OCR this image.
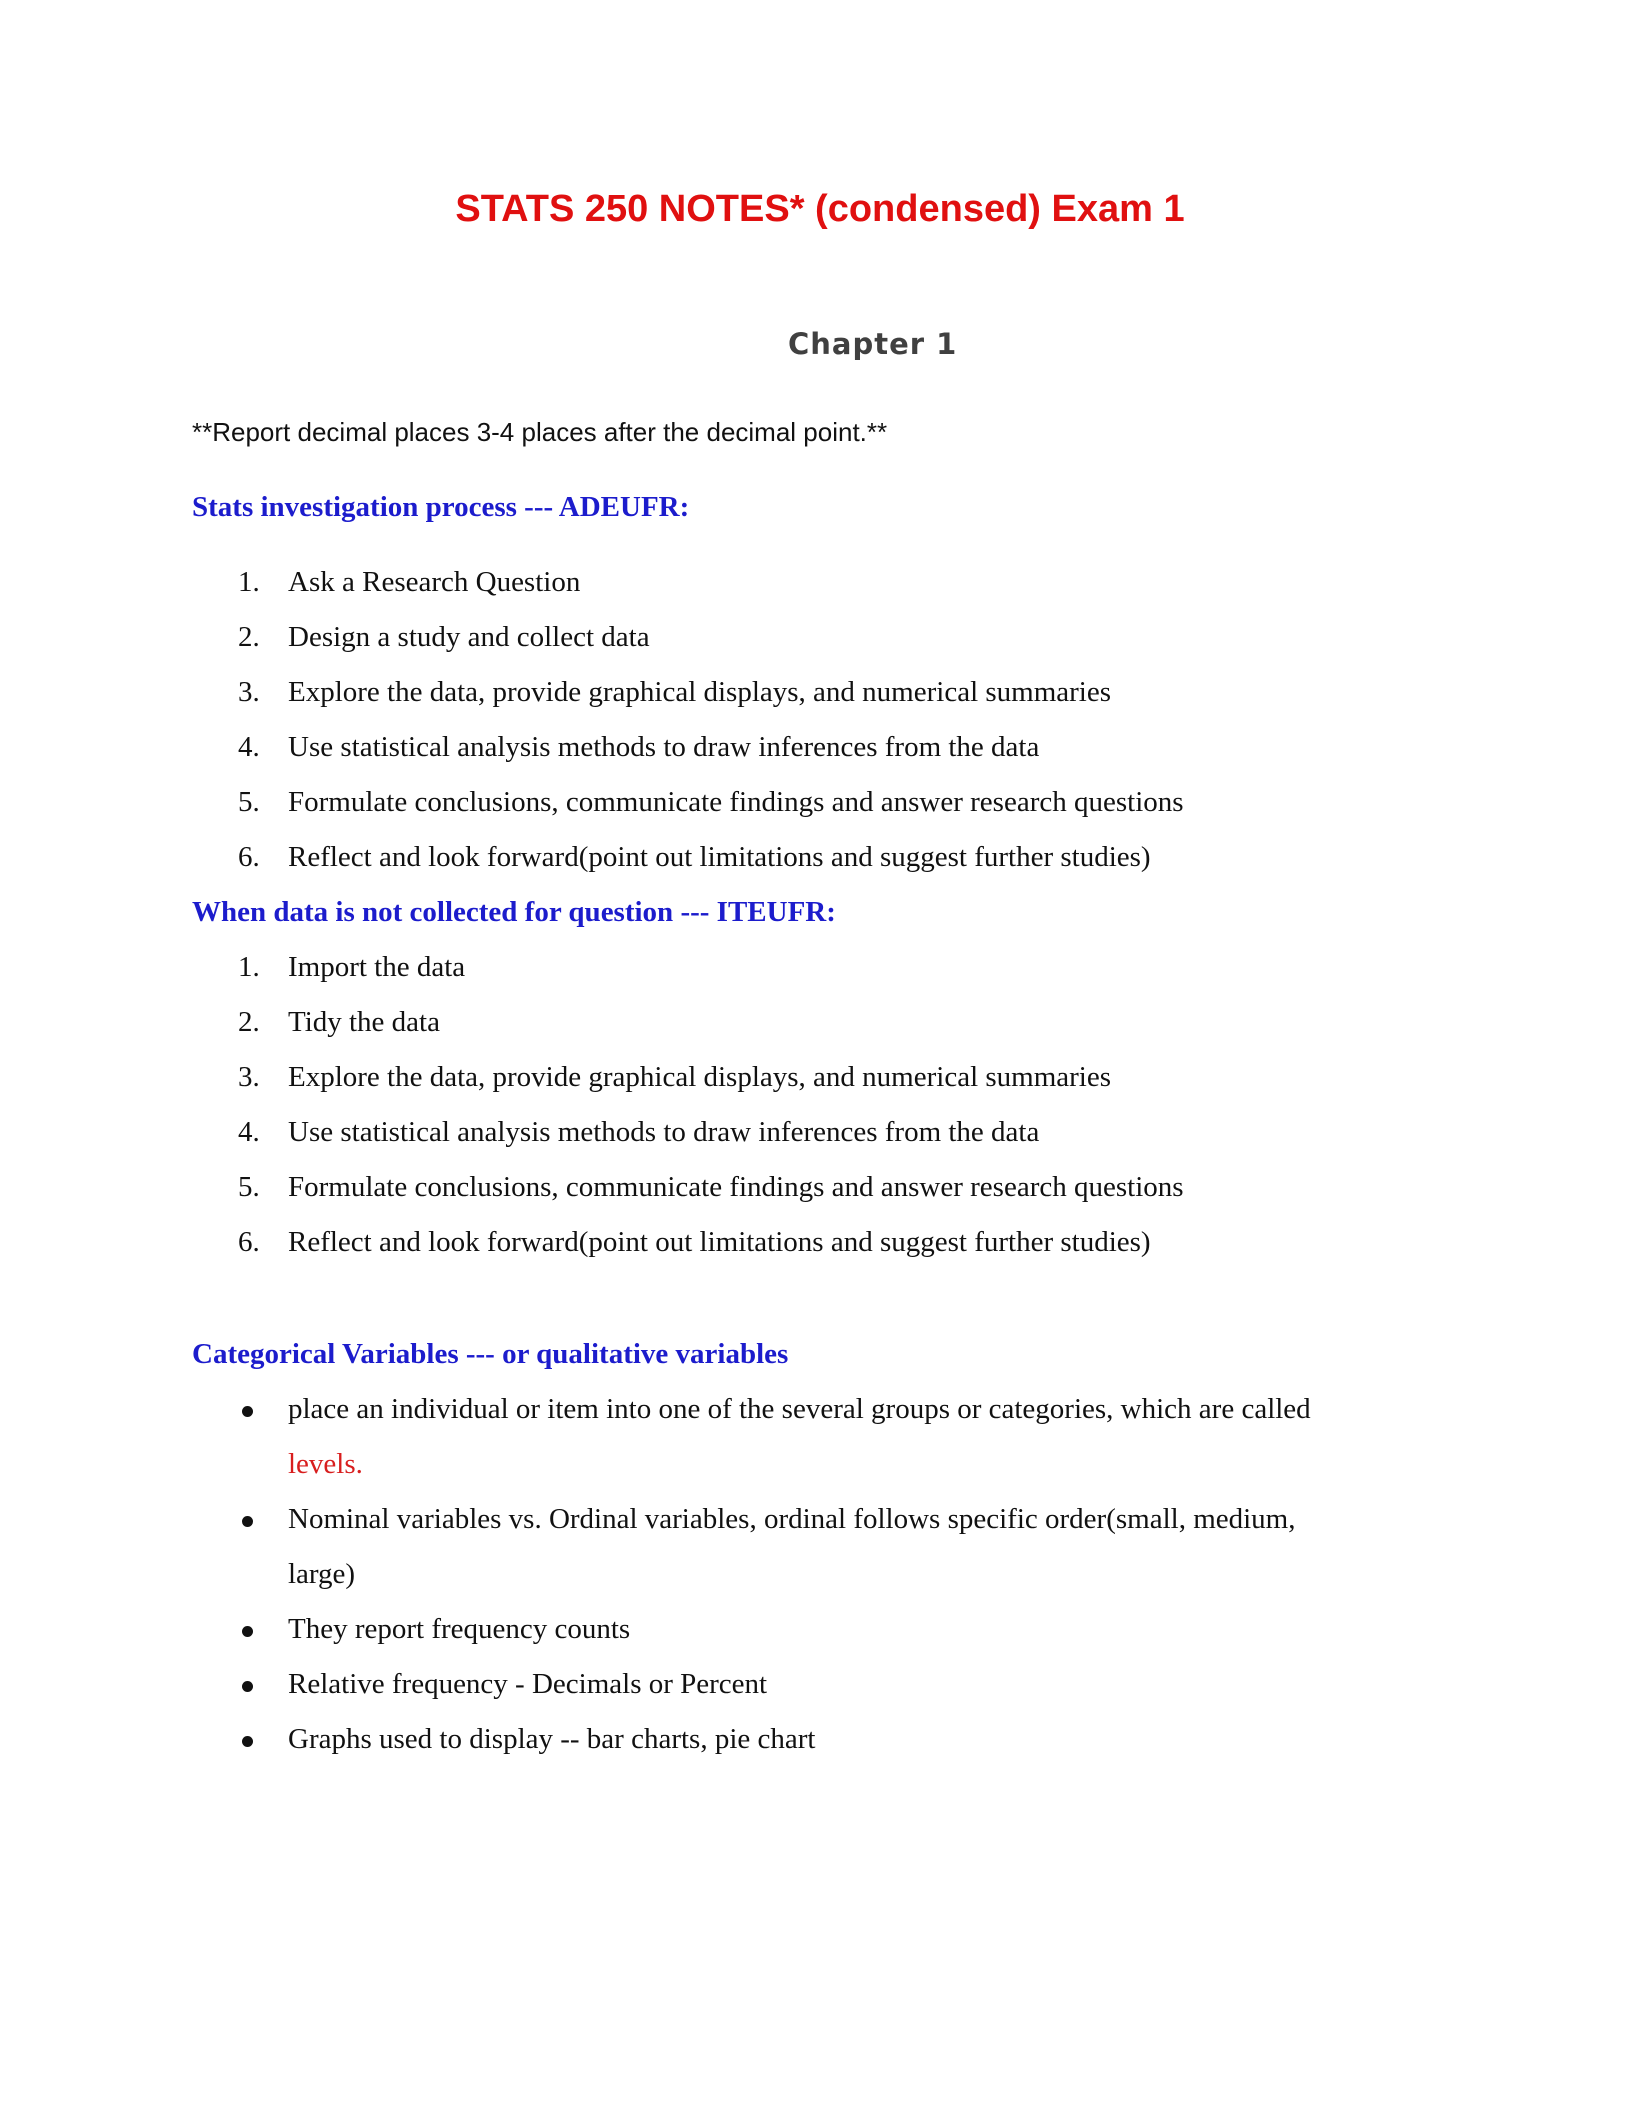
STATS 250 NOTES* (condensed) Exam 1
Chapter 1

**Report decimal places 3-4 places after the decimal point.**

Stats investigation process --- ADEUFR:
1. Ask a Research Question
2. Design a study and collect data
3. Explore the data, provide graphical displays, and numerical summaries
4. Use statistical analysis methods to draw inferences from the data
5. Formulate conclusions, communicate findings and answer research questions
6. Reflect and look forward(point out limitations and suggest further studies)
When data is not collected for question --- ITEUFR:
1. Import the data
2. Tidy the data
3. Explore the data, provide graphical displays, and numerical summaries
4. Use statistical analysis methods to draw inferences from the data
5. Formulate conclusions, communicate findings and answer research questions
6. Reflect and look forward(point out limitations and suggest further studies)
Categorical Variables --- or qualitative variables
place an individual or item into one of the several groups or categories, which are called
levels.
Nominal variables vs. Ordinal variables, ordinal follows specific order(small, medium,
large)
They report frequency counts
Relative frequency - Decimals or Percent
Graphs used to display -- bar charts, pie chart
